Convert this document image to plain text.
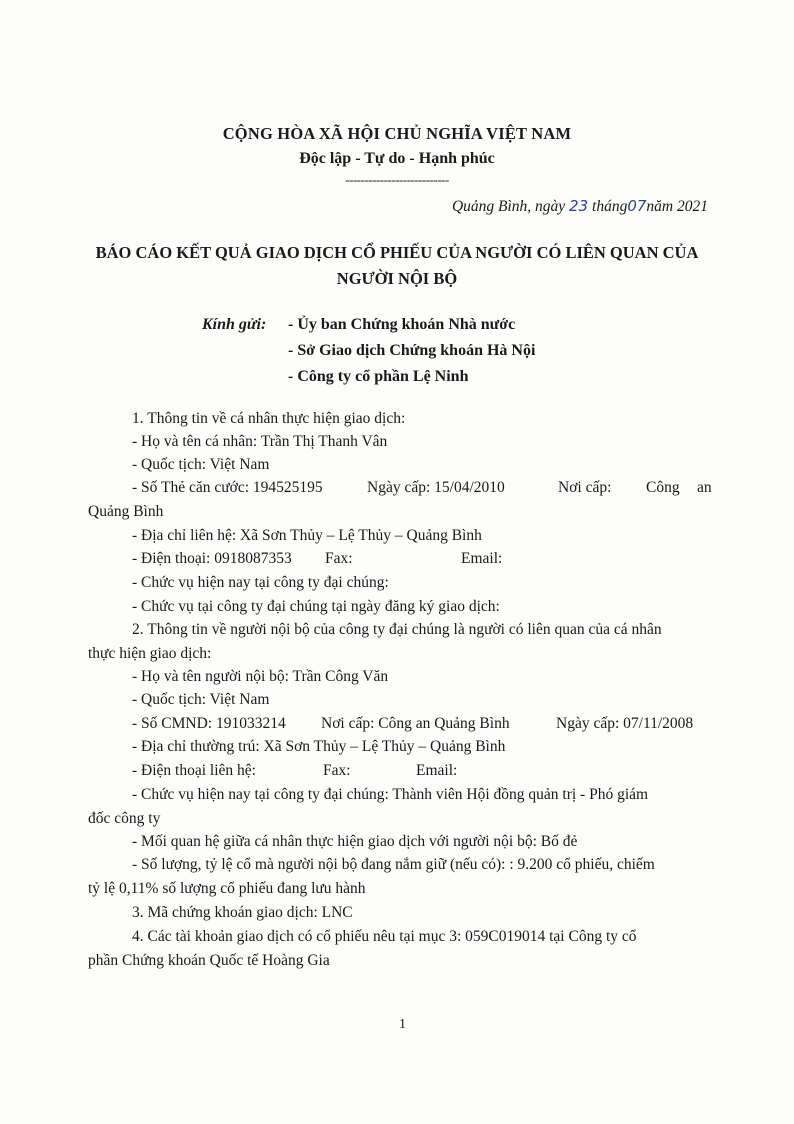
CỘNG HÒA XÃ HỘI CHỦ NGHĨA VIỆT NAM
Độc lập - Tự do - Hạnh phúc
---------------------------
Quảng Bình, ngày 23 tháng07năm 2021
BÁO CÁO KẾT QUẢ GIAO DỊCH CỔ PHIẾU CỦA NGƯỜI CÓ LIÊN QUAN CỦA
NGƯỜI NỘI BỘ
Kính gửi: - Ủy ban Chứng khoán Nhà nước
- Sở Giao dịch Chứng khoán Hà Nội
- Công ty cổ phần Lệ Ninh
1. Thông tin về cá nhân thực hiện giao dịch:
- Họ và tên cá nhân: Trần Thị Thanh Vân
- Quốc tịch: Việt Nam
- Số Thẻ căn cước: 194525195	Ngày cấp: 15/04/2010	Nơi cấp: Công an
Quảng Bình
- Địa chỉ liên hệ: Xã Sơn Thủy – Lệ Thủy – Quảng Bình
- Điện thoại: 0918087353 Fax:	Email:
- Chức vụ hiện nay tại công ty đại chúng:
- Chức vụ tại công ty đại chúng tại ngày đăng ký giao dịch:
2. Thông tin về người nội bộ của công ty đại chúng là người có liên quan của cá nhân
thực hiện giao dịch:
- Họ và tên người nội bộ: Trần Công Văn
- Quốc tịch: Việt Nam
- Số CMND: 191033214 Nơi cấp: Công an Quảng Bình	Ngày cấp: 07/11/2008
- Địa chỉ thường trú: Xã Sơn Thủy – Lệ Thủy – Quảng Bình
- Điện thoại liên hệ:	Fax:	Email:
- Chức vụ hiện nay tại công ty đại chúng: Thành viên Hội đồng quản trị - Phó giám
đốc công ty
- Mối quan hệ giữa cá nhân thực hiện giao dịch với người nội bộ: Bố đẻ
- Số lượng, tỷ lệ cổ mà người nội bộ đang nắm giữ (nếu có): : 9.200 cổ phiếu, chiếm
tỷ lệ 0,11% số lượng cổ phiếu đang lưu hành
3. Mã chứng khoán giao dịch: LNC
4. Các tài khoản giao dịch có cổ phiếu nêu tại mục 3: 059C019014 tại Công ty cổ
phần Chứng khoán Quốc tế Hoàng Gia
1
